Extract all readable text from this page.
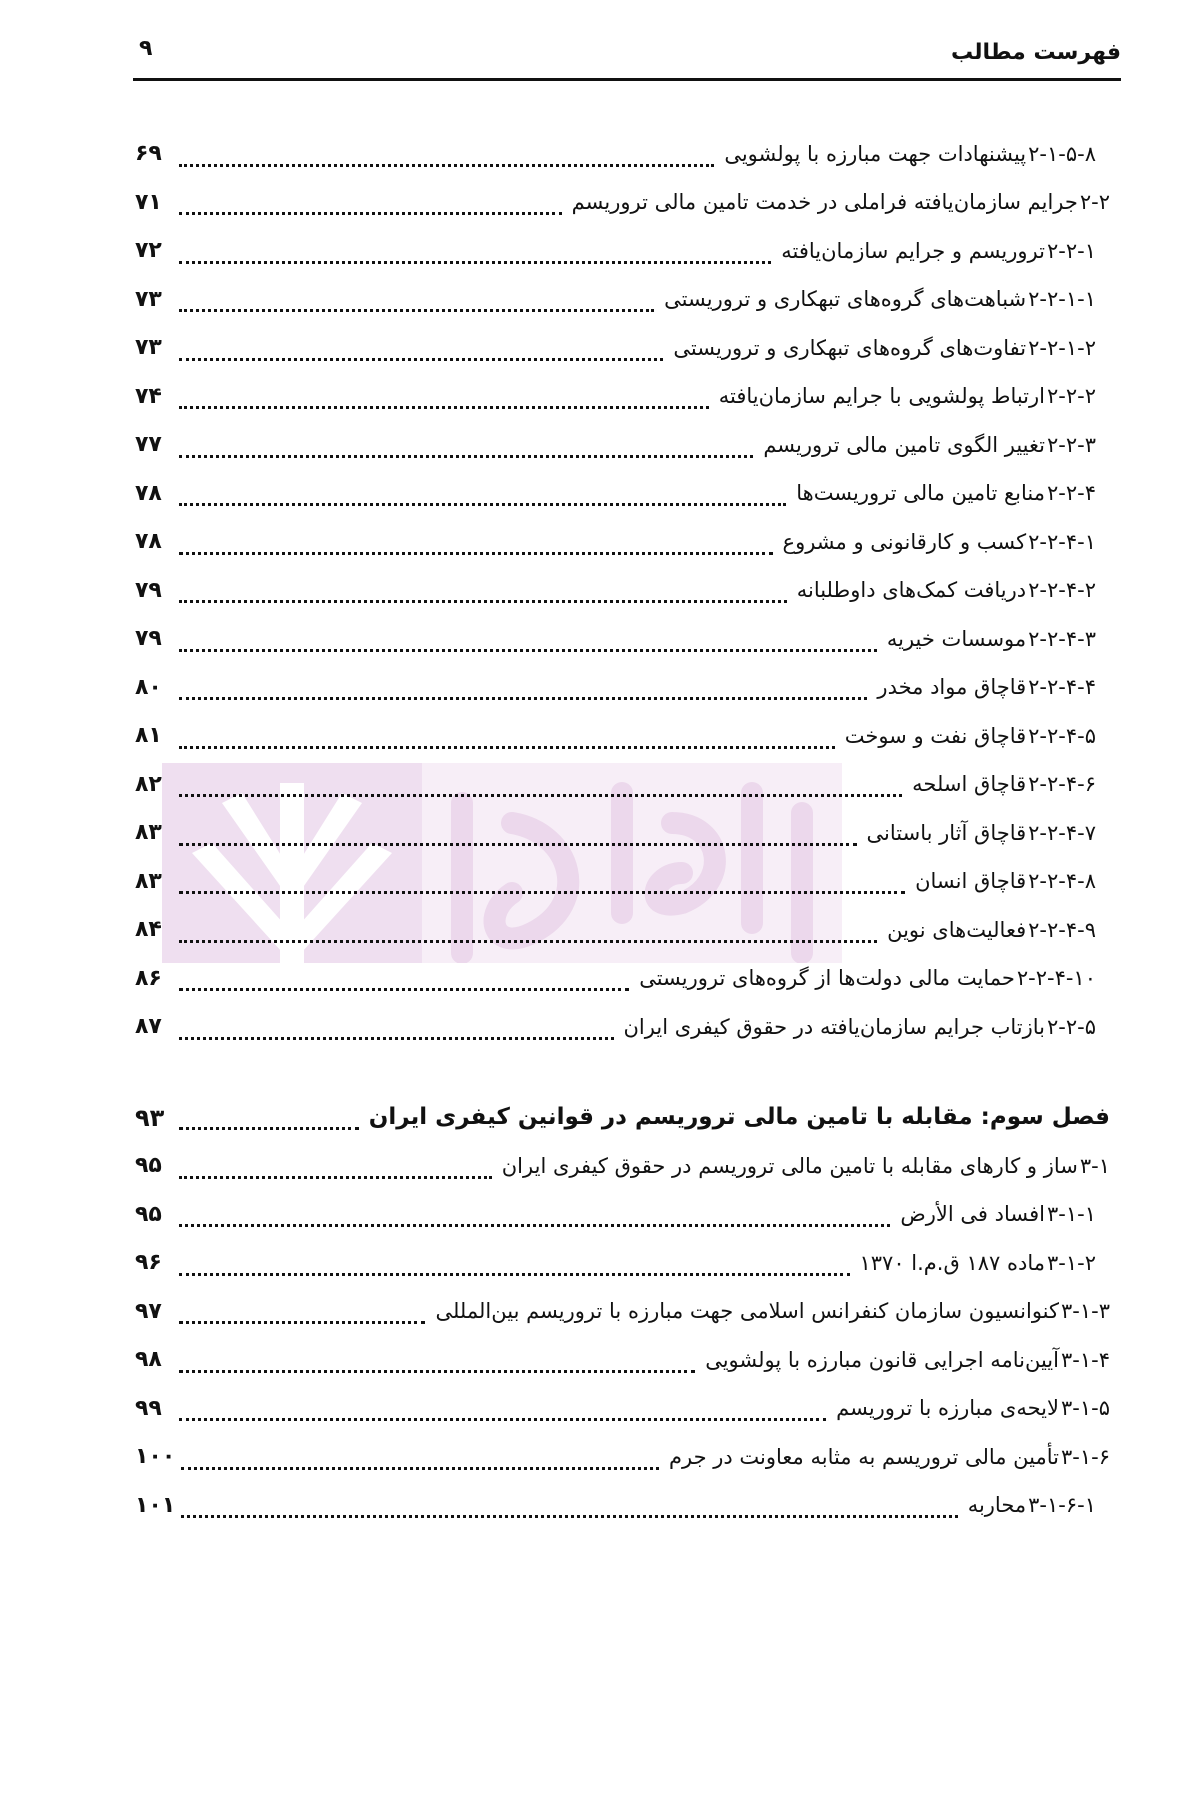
فهرست مطالب
۹
۲-۱-۵-۸
پیشنهادات جهت مبارزه با پولشویی
۶۹
۲-۲
جرایم سازمان‌یافته فراملی در خدمت تامین مالی تروریسم
۷۱
۲-۲-۱
تروریسم و جرایم سازمان‌یافته
۷۲
۲-۲-۱-۱
شباهت‌های گروه‌های تبهکاری و تروریستی
۷۳
۲-۲-۱-۲
تفاوت‌های گروه‌های تبهکاری و تروریستی
۷۳
۲-۲-۲
ارتباط پولشویی با جرایم سازمان‌یافته
۷۴
۲-۲-۳
تغییر الگوی تامین مالی تروریسم
۷۷
۲-۲-۴
منابع تامین مالی تروریست‌ها
۷۸
۲-۲-۴-۱
کسب و کارقانونی و مشروع
۷۸
۲-۲-۴-۲
دریافت کمک‌های داوطلبانه
۷۹
۲-۲-۴-۳
موسسات خیریه
۷۹
۲-۲-۴-۴
قاچاق مواد مخدر
۸۰
۲-۲-۴-۵
قاچاق نفت و سوخت
۸۱
۲-۲-۴-۶
قاچاق اسلحه
۸۲
۲-۲-۴-۷
قاچاق آثار باستانی
۸۳
۲-۲-۴-۸
قاچاق انسان
۸۳
۲-۲-۴-۹
فعالیت‌های نوین
۸۴
۲-۲-۴-۱۰
حمایت مالی دولت‌ها از گروه‌های تروریستی
۸۶
۲-۲-۵
بازتاب جرایم سازمان‌یافته در حقوق کیفری ایران
۸۷
فصل سوم: مقابله با تامین مالی تروریسم در قوانین کیفری ایران
۹۳
۳-۱
ساز و کارهای مقابله با تامین مالی تروریسم در حقوق کیفری ایران
۹۵
۳-۱-۱
افساد فی الأرض
۹۵
۳-۱-۲
ماده ۱۸۷ ق.م.ا ۱۳۷۰
۹۶
۳-۱-۳
کنوانسیون سازمان کنفرانس اسلامی جهت مبارزه با تروریسم بین‌المللی
۹۷
۳-۱-۴
آیین‌نامه اجرایی قانون مبارزه با پولشویی
۹۸
۳-۱-۵
لایحه‌ی مبارزه با تروریسم
۹۹
۳-۱-۶
تأمین مالی تروریسم به مثابه معاونت در جرم
۱۰۰
۳-۱-۶-۱
محاربه
۱۰۱
